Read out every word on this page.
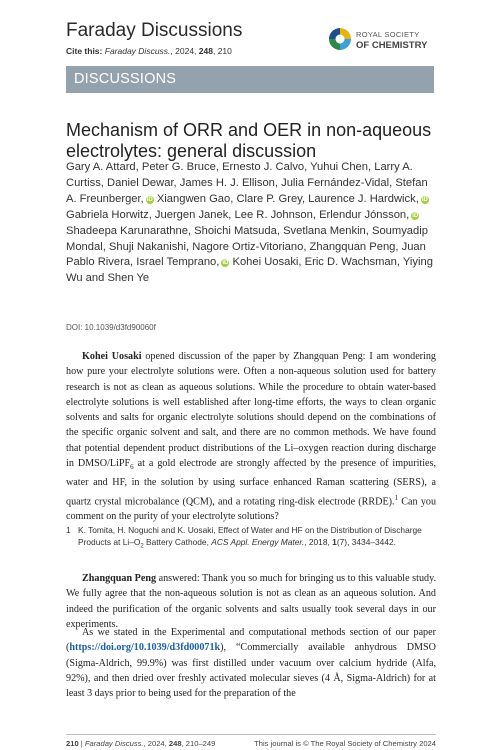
Faraday Discussions
Cite this: Faraday Discuss., 2024, 248, 210
ROYAL SOCIETY
OF CHEMISTRY
DISCUSSIONS
Mechanism of ORR and OER in non-aqueous electrolytes: general discussion
Gary A. Attard, Peter G. Bruce, Ernesto J. Calvo, Yuhui Chen, Larry A. Curtiss, Daniel Dewar, James H. J. Ellison, Julia Fernández-Vidal, Stefan A. Freunberger, iD Xiangwen Gao, Clare P. Grey, Laurence J. Hardwick, iD Gabriela Horwitz, Juergen Janek, Lee R. Johnson, Erlendur Jónsson, iD Shadeepa Karunarathne, Shoichi Matsuda, Svetlana Menkin, Soumyadip Mondal, Shuji Nakanishi, Nagore Ortiz-Vitoriano, Zhangquan Peng, Juan Pablo Rivera, Israel Temprano, iD Kohei Uosaki, Eric D. Wachsman, Yiying Wu and Shen Ye
DOI: 10.1039/d3fd90060f
Kohei Uosaki opened discussion of the paper by Zhangquan Peng: I am wondering how pure your electrolyte solutions were. Often a non-aqueous solution used for battery research is not as clean as aqueous solutions. While the procedure to obtain water-based electrolyte solutions is well established after long-time efforts, the ways to clean organic solvents and salts for organic electrolyte solutions should depend on the combinations of the specific organic solvent and salt, and there are no common methods. We have found that potential dependent product distributions of the Li–oxygen reaction during discharge in DMSO/LiPF$_6$ at a gold electrode are strongly affected by the presence of impurities, water and HF, in the solution by using surface enhanced Raman scattering (SERS), a quartz crystal microbalance (QCM), and a rotating ring-disk electrode (RRDE).$^1$ Can you comment on the purity of your electrolyte solutions?
1 K. Tomita, H. Noguchi and K. Uosaki, Effect of Water and HF on the Distribution of Discharge Products at $Li-O_2$ Battery Cathode, ACS Appl. Energy Mater., 2018, 1(7), 3434–3442.
Zhangquan Peng answered: Thank you so much for bringing us to this valuable study. We fully agree that the non-aqueous solution is not as clean as an aqueous solution. And indeed the purification of the organic solvents and salts usually took several days in our experiments.
As we stated in the Experimental and computational methods section of our paper (https://doi.org/10.1039/d3fd00071k), “Commercially available anhydrous DMSO (Sigma-Aldrich, 99.9%) was first distilled under vacuum over calcium hydride (Alfa, 92%), and then dried over freshly activated molecular sieves (4 Å, Sigma-Aldrich) for at least 3 days prior to being used for the preparation of the
210 | Faraday Discuss., 2024, 248, 210–249	This journal is © The Royal Society of Chemistry 2024
